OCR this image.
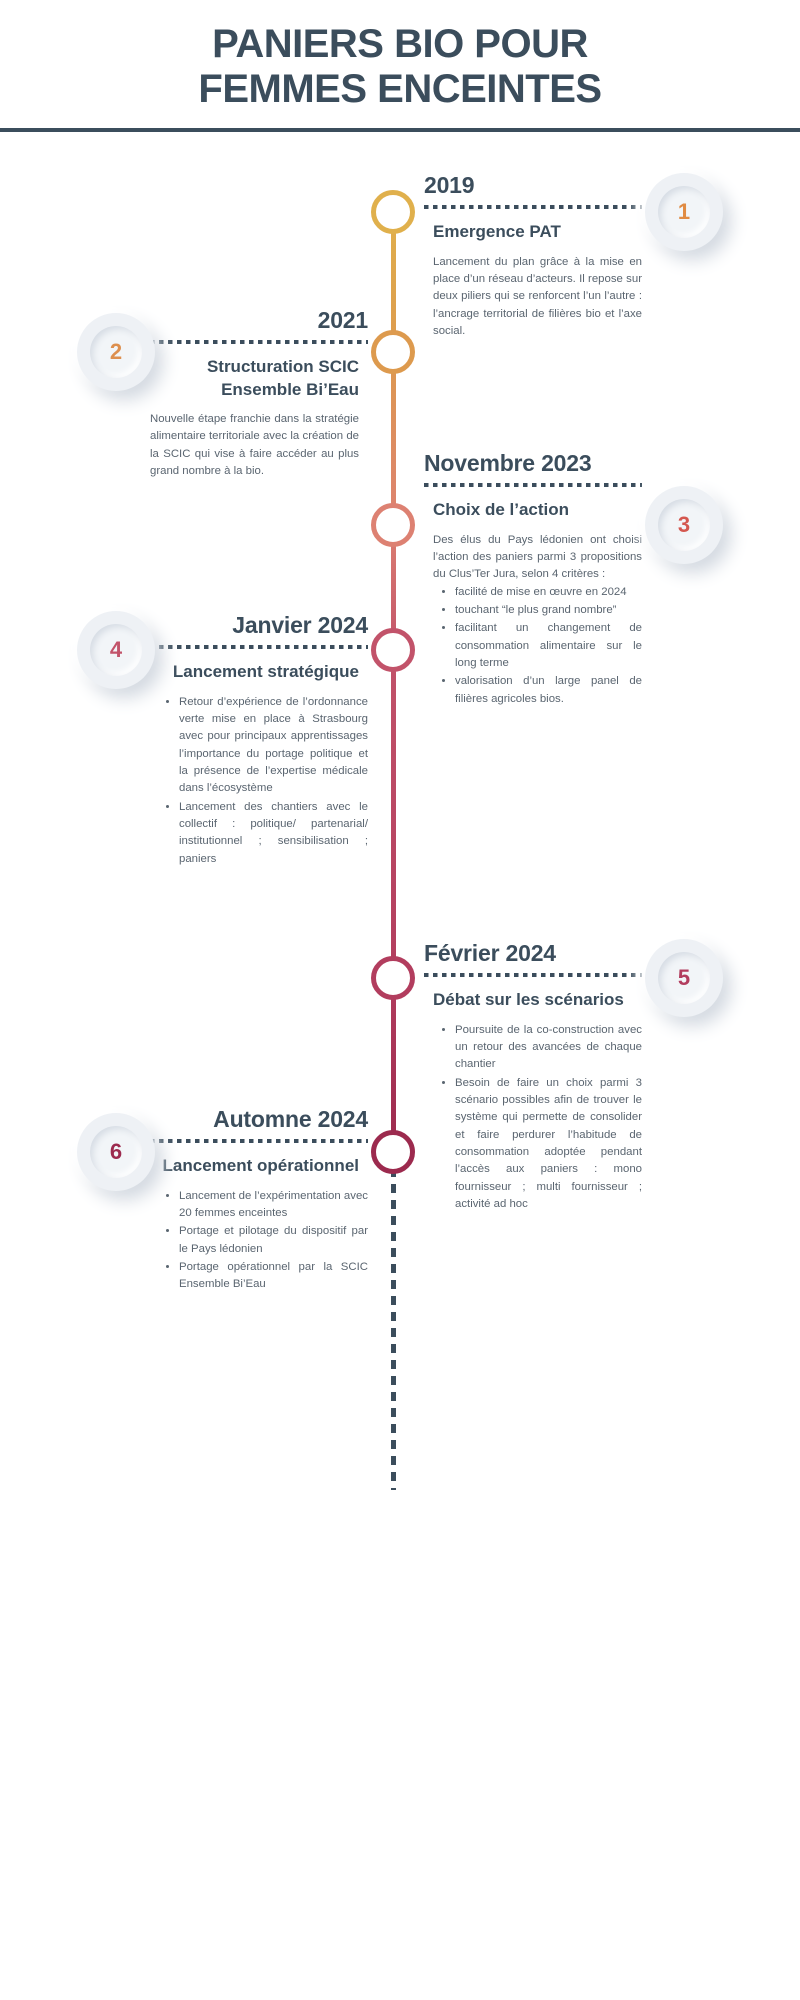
PANIERS BIO POUR
FEMMES ENCEINTES
2019
Emergence PAT
Lancement du plan grâce à la mise en place d’un réseau d’acteurs. Il repose sur deux piliers qui se renforcent l’un l’autre : l’ancrage territorial de filières bio et l’axe social.
1
2021
Structuration SCIC Ensemble Bi’Eau
Nouvelle étape franchie dans la stratégie alimentaire territoriale avec la création de la SCIC qui vise à faire accéder au plus grand nombre à la bio.
2
Novembre 2023
Choix de l’action
Des élus du Pays lédonien ont choisi l’action des paniers parmi 3 propositions du Clus’Ter Jura, selon 4 critères :
• facilité de mise en œuvre en 2024
• touchant “le plus grand nombre”
• facilitant un changement de consommation alimentaire sur le long terme
• valorisation d’un large panel de filières agricoles bios.
3
Janvier 2024
Lancement stratégique
• Retour d’expérience de l’ordonnance verte mise en place à Strasbourg avec pour principaux apprentissages l’importance du portage politique et la présence de l’expertise médicale dans l’écosystème
• Lancement des chantiers avec le collectif : politique/ partenarial/ institutionnel ; sensibilisation ; paniers
4
Février 2024
Débat sur les scénarios
• Poursuite de la co-construction avec un retour des avancées de chaque chantier
• Besoin de faire un choix parmi 3 scénario possibles afin de trouver le système qui permette de consolider et faire perdurer l’habitude de consommation adoptée pendant l’accès aux paniers : mono fournisseur ; multi fournisseur ; activité ad hoc
5
Automne 2024
Lancement opérationnel
• Lancement de l’expérimentation avec 20 femmes enceintes
• Portage et pilotage du dispositif par le Pays lédonien
• Portage opérationnel par la SCIC Ensemble Bi’Eau
6
